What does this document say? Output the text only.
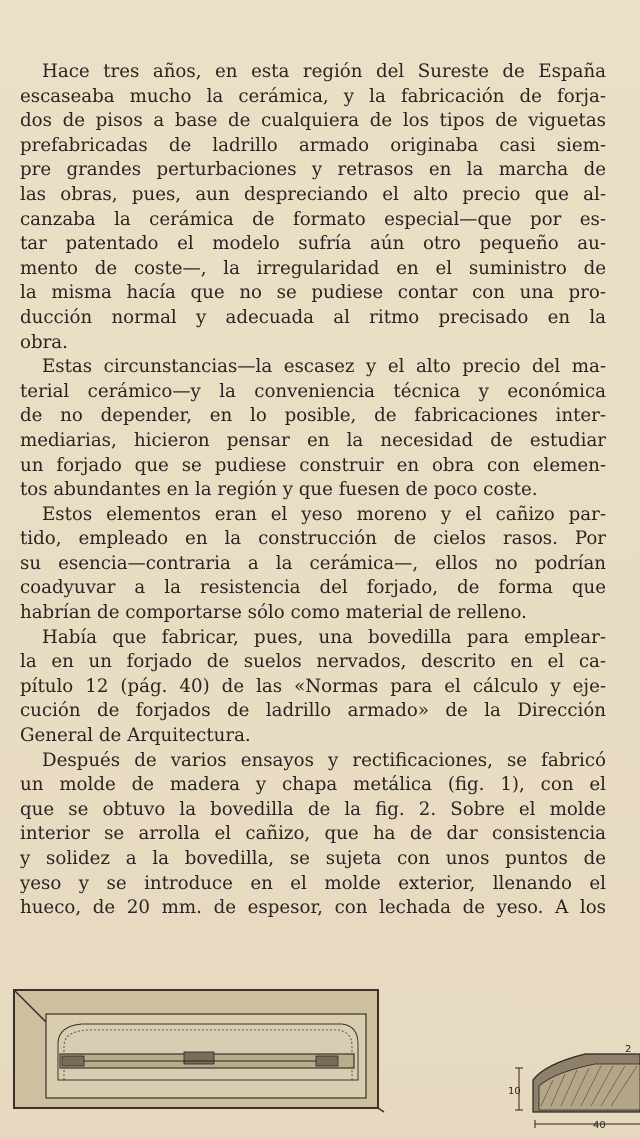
Hace tres años, en esta región del Sureste de España
escaseaba mucho la cerámica, y la fabricación de forja-
dos de pisos a base de cualquiera de los tipos de viguetas
prefabricadas de ladrillo armado originaba casi siem-
pre grandes perturbaciones y retrasos en la marcha de
las obras, pues, aun despreciando el alto precio que al-
canzaba la cerámica de formato especial—que por es-
tar patentado el modelo sufría aún otro pequeño au-
mento de coste—, la irregularidad en el suministro de
la misma hacía que no se pudiese contar con una pro-
ducción normal y adecuada al ritmo precisado en la
obra.

Estas circunstancias—la escasez y el alto precio del ma-
terial cerámico—y la conveniencia técnica y económica
de no depender, en lo posible, de fabricaciones inter-
mediarias, hicieron pensar en la necesidad de estudiar
un forjado que se pudiese construir en obra con elemen-
tos abundantes en la región y que fuesen de poco coste.

Estos elementos eran el yeso moreno y el cañizo par-
tido, empleado en la construcción de cielos rasos. Por
su esencia—contraria a la cerámica—, ellos no podrían
coadyuvar a la resistencia del forjado, de forma que
habrían de comportarse sólo como material de relleno.

Había que fabricar, pues, una bovedilla para emplear-
la en un forjado de suelos nervados, descrito en el ca-
pítulo 12 (pág. 40) de las «Normas para el cálculo y eje-
cución de forjados de ladrillo armado» de la Dirección
General de Arquitectura.

Después de varios ensayos y rectificaciones, se fabricó
un molde de madera y chapa metálica (fig. 1), con el
que se obtuvo la bovedilla de la fig. 2. Sobre el molde
interior se arrolla el cañizo, que ha de dar consistencia
y solidez a la bovedilla, se sujeta con unos puntos de
yeso y se introduce en el molde exterior, llenando el
hueco, de 20 mm. de espesor, con lechada de yeso. A los

10
2
40
